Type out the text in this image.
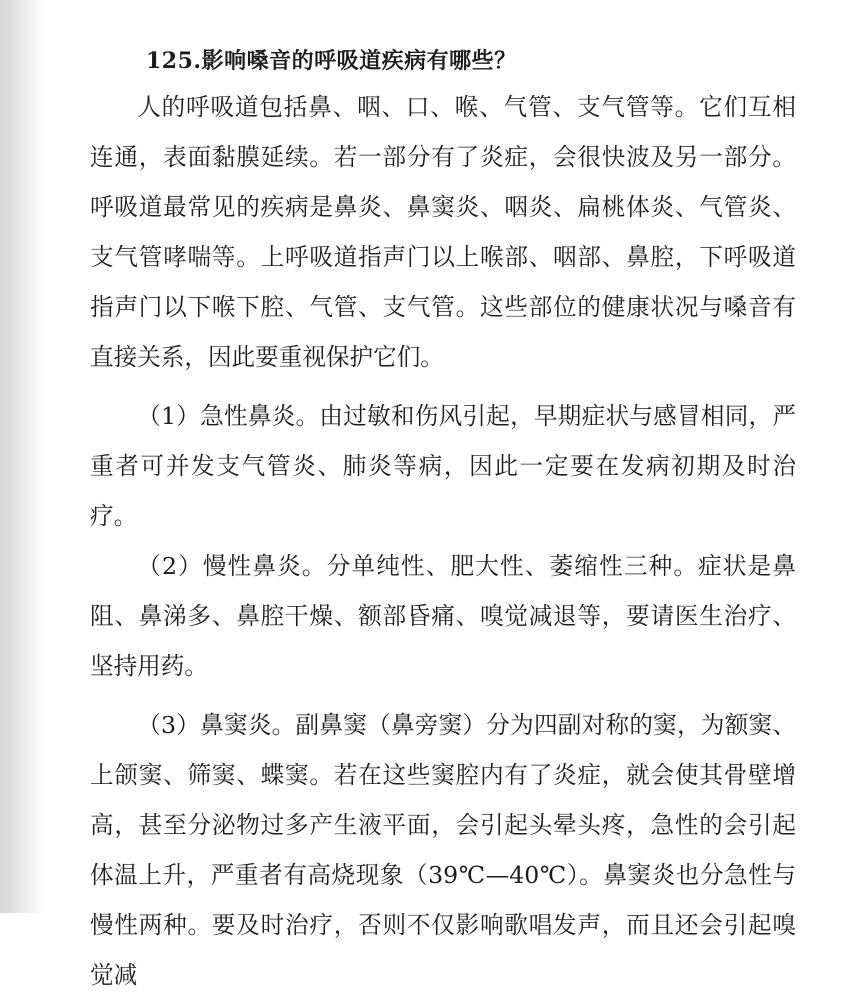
125.影响嗓音的呼吸道疾病有哪些？

人的呼吸道包括鼻、咽、口、喉、气管、支气管等。它们互相连通，表面黏膜延续。若一部分有了炎症，会很快波及另一部分。呼吸道最常见的疾病是鼻炎、鼻窦炎、咽炎、扁桃体炎、气管炎、支气管哮喘等。上呼吸道指声门以上喉部、咽部、鼻腔，下呼吸道指声门以下喉下腔、气管、支气管。这些部位的健康状况与嗓音有直接关系，因此要重视保护它们。

（1）急性鼻炎。由过敏和伤风引起，早期症状与感冒相同，严重者可并发支气管炎、肺炎等病，因此一定要在发病初期及时治疗。

（2）慢性鼻炎。分单纯性、肥大性、萎缩性三种。症状是鼻阻、鼻涕多、鼻腔干燥、额部昏痛、嗅觉减退等，要请医生治疗、坚持用药。

（3）鼻窦炎。副鼻窦（鼻旁窦）分为四副对称的窦，为额窦、上颌窦、筛窦、蝶窦。若在这些窦腔内有了炎症，就会使其骨壁增高，甚至分泌物过多产生液平面，会引起头晕头疼，急性的会引起体温上升，严重者有高烧现象（39℃—40℃）。鼻窦炎也分急性与慢性两种。要及时治疗，否则不仅影响歌唱发声，而且还会引起嗅觉减
